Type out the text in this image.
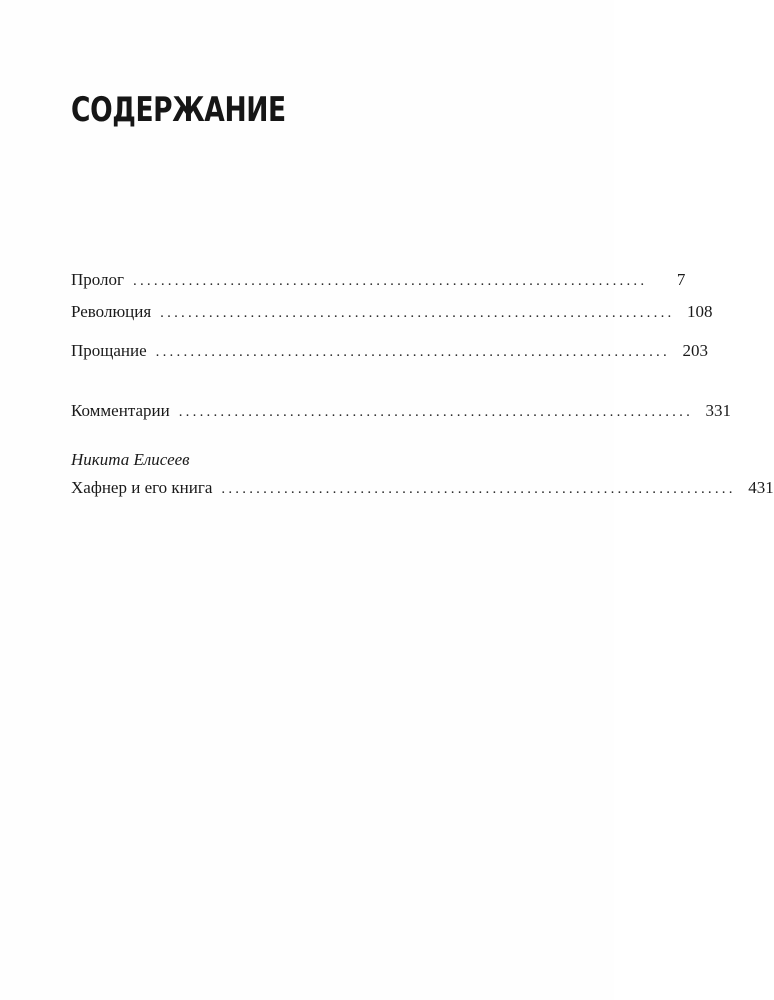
СОДЕРЖАНИЕ
Пролог ..........................................................................	7
Революция .......................................................................... 108
Прощание .......................................................................... 203
Комментарии .......................................................................... 331
Никита Елисеев
Хафнер и его книга .......................................................................... 431
